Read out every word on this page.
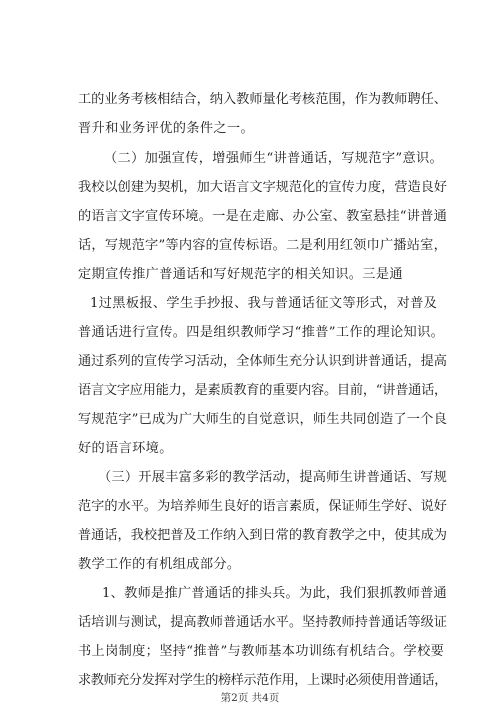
工的业务考核相结合，纳入教师量化考核范围，作为教师聘任、
晋升和业务评优的条件之一。
（二）加强宣传，增强师生“讲普通话，写规范字”意识。
我校以创建为契机，加大语言文字规范化的宣传力度，营造良好
的语言文字宣传环境。一是在走廊、办公室、教室悬挂“讲普通
话，写规范字”等内容的宣传标语。二是利用红领巾广播站室，
定期宣传推广普通话和写好规范字的相关知识。三是通
1过黑板报、学生手抄报、我与普通话征文等形式，对普及
普通话进行宣传。四是组织教师学习“推普”工作的理论知识。
通过系列的宣传学习活动，全体师生充分认识到讲普通话，提高
语言文字应用能力，是素质教育的重要内容。目前，“讲普通话，
写规范字”已成为广大师生的自觉意识，师生共同创造了一个良
好的语言环境。
（三）开展丰富多彩的教学活动，提高师生讲普通话、写规
范字的水平。为培养师生良好的语言素质，保证师生学好、说好
普通话，我校把普及工作纳入到日常的教育教学之中，使其成为
教学工作的有机组成部分。
1、教师是推广普通话的排头兵。为此，我们狠抓教师普通
话培训与测试，提高教师普通话水平。坚持教师持普通话等级证
书上岗制度；坚持“推普”与教师基本功训练有机结合。学校要
求教师充分发挥对学生的榜样示范作用，上课时必须使用普通话，
第2页 共4页
